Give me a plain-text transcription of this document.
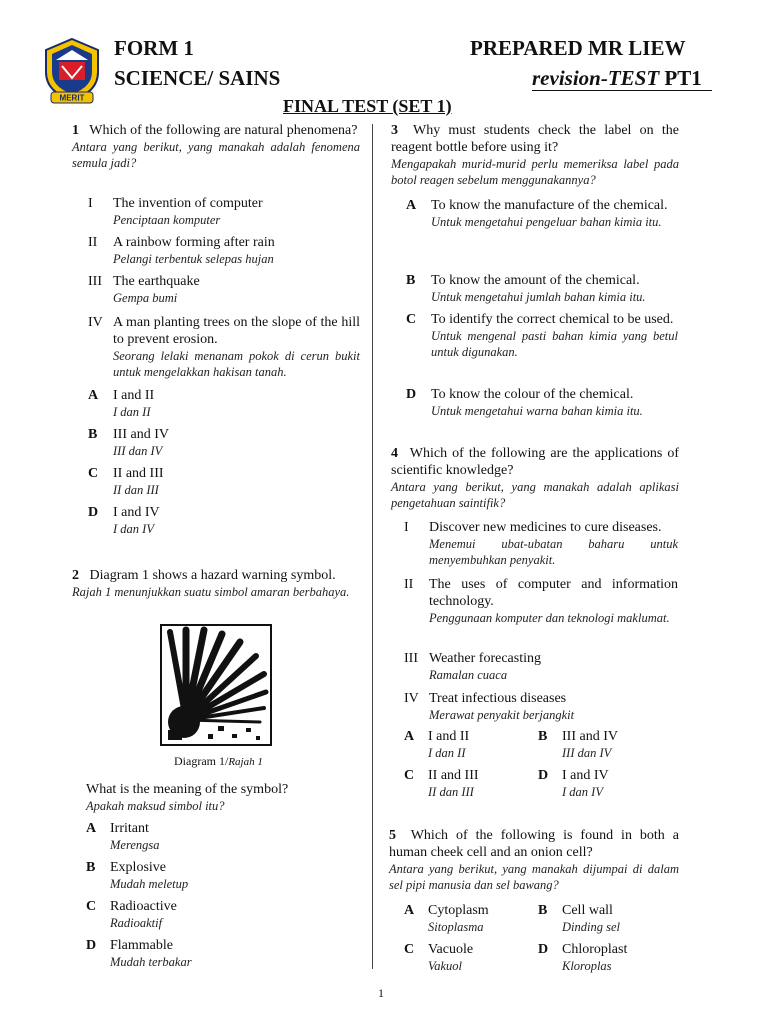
MERIT
FORM 1
SCIENCE/ SAINS
PREPARED MR LIEW
revision-TEST PT1
FINAL TEST (SET 1)
1 Which of the following are natural phenomena?
Antara yang berikut, yang manakah adalah fenomena semula jadi?
I The invention of computer
Penciptaan komputer
II A rainbow forming after rain
Pelangi terbentuk selepas hujan
III The earthquake
Gempa bumi
IV A man planting trees on the slope of the hill to prevent erosion.
Seorang lelaki menanam pokok di cerun bukit untuk mengelakkan hakisan tanah.
A I and II
I dan II
B III and IV
III dan IV
C II and III
II dan III
D I and IV
I dan IV
2 Diagram 1 shows a hazard warning symbol.
Rajah 1 menunjukkan suatu simbol amaran berbahaya.
Diagram 1/Rajah 1
What is the meaning of the symbol?
Apakah maksud simbol itu?
A Irritant
Merengsa
B Explosive
Mudah meletup
C Radioactive
Radioaktif
D Flammable
Mudah terbakar
3 Why must students check the label on the reagent bottle before using it?
Mengapakah murid-murid perlu memeriksa label pada botol reagen sebelum menggunakannya?
A To know the manufacture of the chemical.
Untuk mengetahui pengeluar bahan kimia itu.
B To know the amount of the chemical.
Untuk mengetahui jumlah bahan kimia itu.
C To identify the correct chemical to be used.
Untuk mengenal pasti bahan kimia yang betul untuk digunakan.
D To know the colour of the chemical.
Untuk mengetahui warna bahan kimia itu.
4 Which of the following are the applications of scientific knowledge?
Antara yang berikut, yang manakah adalah aplikasi pengetahuan saintifik?
I Discover new medicines to cure diseases.
Menemui ubat-ubatan baharu untuk menyembuhkan penyakit.
II The uses of computer and information technology.
Penggunaan komputer dan teknologi maklumat.
III Weather forecasting
Ramalan cuaca
IV Treat infectious diseases
Merawat penyakit berjangkit
A I and II
I dan II
B III and IV
III dan IV
C II and III
II dan III
D I and IV
I dan IV
5 Which of the following is found in both a human cheek cell and an onion cell?
Antara yang berikut, yang manakah dijumpai di dalam sel pipi manusia dan sel bawang?
A Cytoplasm
Sitoplasma
B Cell wall
Dinding sel
C Vacuole
Vakuol
D Chloroplast
Kloroplas
1
